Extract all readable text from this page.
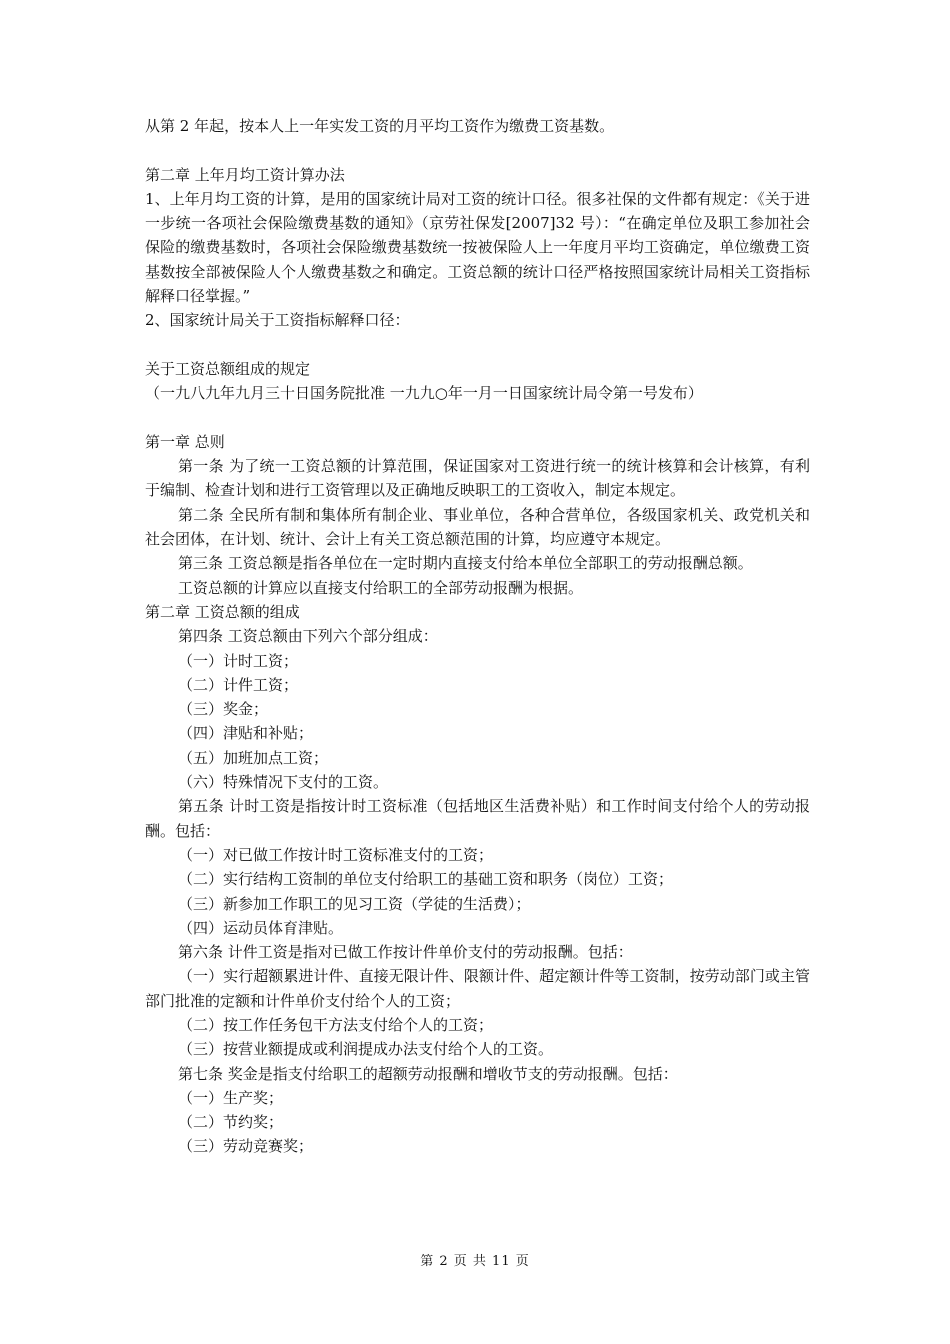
从第 2 年起，按本人上一年实发工资的月平均工资作为缴费工资基数。

第二章 上年月均工资计算办法

1、上年月均工资的计算，是用的国家统计局对工资的统计口径。很多社保的文件都有规定：《关于进一步统一各项社会保险缴费基数的通知》（京劳社保发[2007]32 号）：“在确定单位及职工参加社会保险的缴费基数时，各项社会保险缴费基数统一按被保险人上一年度月平均工资确定，单位缴费工资基数按全部被保险人个人缴费基数之和确定。工资总额的统计口径严格按照国家统计局相关工资指标解释口径掌握。”

2、国家统计局关于工资指标解释口径：

关于工资总额组成的规定

（一九八九年九月三十日国务院批准 一九九○年一月一日国家统计局令第一号发布）

第一章 总则

第一条 为了统一工资总额的计算范围，保证国家对工资进行统一的统计核算和会计核算，有利于编制、检查计划和进行工资管理以及正确地反映职工的工资收入，制定本规定。

第二条 全民所有制和集体所有制企业、事业单位，各种合营单位，各级国家机关、政党机关和社会团体，在计划、统计、会计上有关工资总额范围的计算，均应遵守本规定。

第三条 工资总额是指各单位在一定时期内直接支付给本单位全部职工的劳动报酬总额。

工资总额的计算应以直接支付给职工的全部劳动报酬为根据。

第二章 工资总额的组成

第四条 工资总额由下列六个部分组成：

（一）计时工资；

（二）计件工资；

（三）奖金；

（四）津贴和补贴；

（五）加班加点工资；

（六）特殊情况下支付的工资。

第五条 计时工资是指按计时工资标准（包括地区生活费补贴）和工作时间支付给个人的劳动报酬。包括：

（一）对已做工作按计时工资标准支付的工资；

（二）实行结构工资制的单位支付给职工的基础工资和职务（岗位）工资；

（三）新参加工作职工的见习工资（学徒的生活费）；

（四）运动员体育津贴。

第六条 计件工资是指对已做工作按计件单价支付的劳动报酬。包括：

（一）实行超额累进计件、直接无限计件、限额计件、超定额计件等工资制，按劳动部门或主管部门批准的定额和计件单价支付给个人的工资；

（二）按工作任务包干方法支付给个人的工资；

（三）按营业额提成或利润提成办法支付给个人的工资。

第七条 奖金是指支付给职工的超额劳动报酬和增收节支的劳动报酬。包括：

（一）生产奖；

（二）节约奖；

（三）劳动竞赛奖；

第 2 页 共 11 页
